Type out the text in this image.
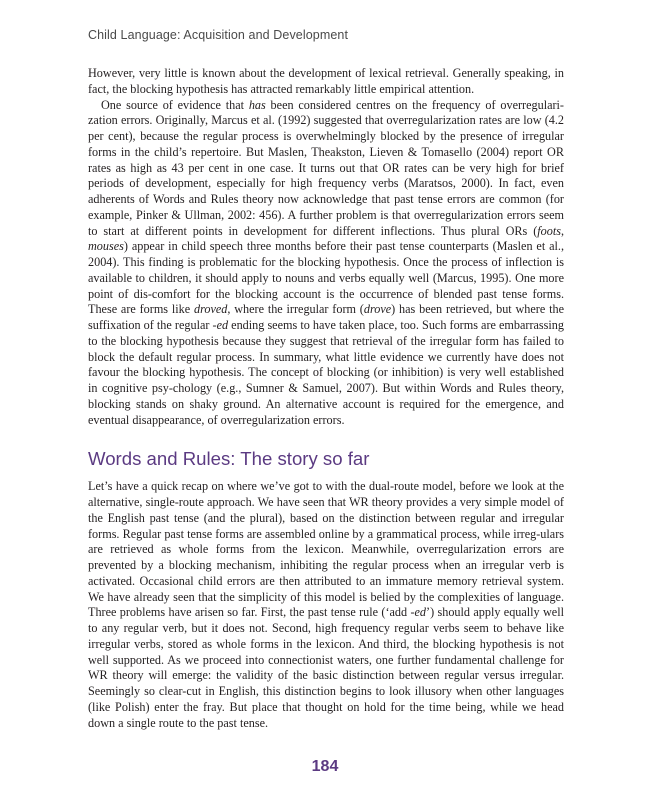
Child Language: Acquisition and Development

However, very little is known about the development of lexical retrieval. Generally speaking, in fact, the blocking hypothesis has attracted remarkably little empirical attention.

One source of evidence that has been considered centres on the frequency of overregulari-zation errors. Originally, Marcus et al. (1992) suggested that overregularization rates are low (4.2 per cent), because the regular process is overwhelmingly blocked by the presence of irregular forms in the child’s repertoire. But Maslen, Theakston, Lieven & Tomasello (2004) report OR rates as high as 43 per cent in one case. It turns out that OR rates can be very high for brief periods of development, especially for high frequency verbs (Maratsos, 2000). In fact, even adherents of Words and Rules theory now acknowledge that past tense errors are common (for example, Pinker & Ullman, 2002: 456). A further problem is that overregularization errors seem to start at different points in development for different inflections. Thus plural ORs (foots, mouses) appear in child speech three months before their past tense counterparts (Maslen et al., 2004). This finding is problematic for the blocking hypothesis. Once the process of inflection is available to children, it should apply to nouns and verbs equally well (Marcus, 1995). One more point of dis-comfort for the blocking account is the occurrence of blended past tense forms. These are forms like droved, where the irregular form (drove) has been retrieved, but where the suffixation of the regular -ed ending seems to have taken place, too. Such forms are embarrassing to the blocking hypothesis because they suggest that retrieval of the irregular form has failed to block the default regular process. In summary, what little evidence we currently have does not favour the blocking hypothesis. The concept of blocking (or inhibition) is very well established in cognitive psy-chology (e.g., Sumner & Samuel, 2007). But within Words and Rules theory, blocking stands on shaky ground. An alternative account is required for the emergence, and eventual disappearance, of overregularization errors.

Words and Rules: The story so far

Let’s have a quick recap on where we’ve got to with the dual-route model, before we look at the alternative, single-route approach. We have seen that WR theory provides a very simple model of the English past tense (and the plural), based on the distinction between regular and irregular forms. Regular past tense forms are assembled online by a grammatical process, while irreg-ulars are retrieved as whole forms from the lexicon. Meanwhile, overregularization errors are prevented by a blocking mechanism, inhibiting the regular process when an irregular verb is activated. Occasional child errors are then attributed to an immature memory retrieval system. We have already seen that the simplicity of this model is belied by the complexities of language. Three problems have arisen so far. First, the past tense rule (‘add -ed’) should apply equally well to any regular verb, but it does not. Second, high frequency regular verbs seem to behave like irregular verbs, stored as whole forms in the lexicon. And third, the blocking hypothesis is not well supported. As we proceed into connectionist waters, one further fundamental challenge for WR theory will emerge: the validity of the basic distinction between regular versus irregular. Seemingly so clear-cut in English, this distinction begins to look illusory when other languages (like Polish) enter the fray. But place that thought on hold for the time being, while we head down a single route to the past tense.

184
